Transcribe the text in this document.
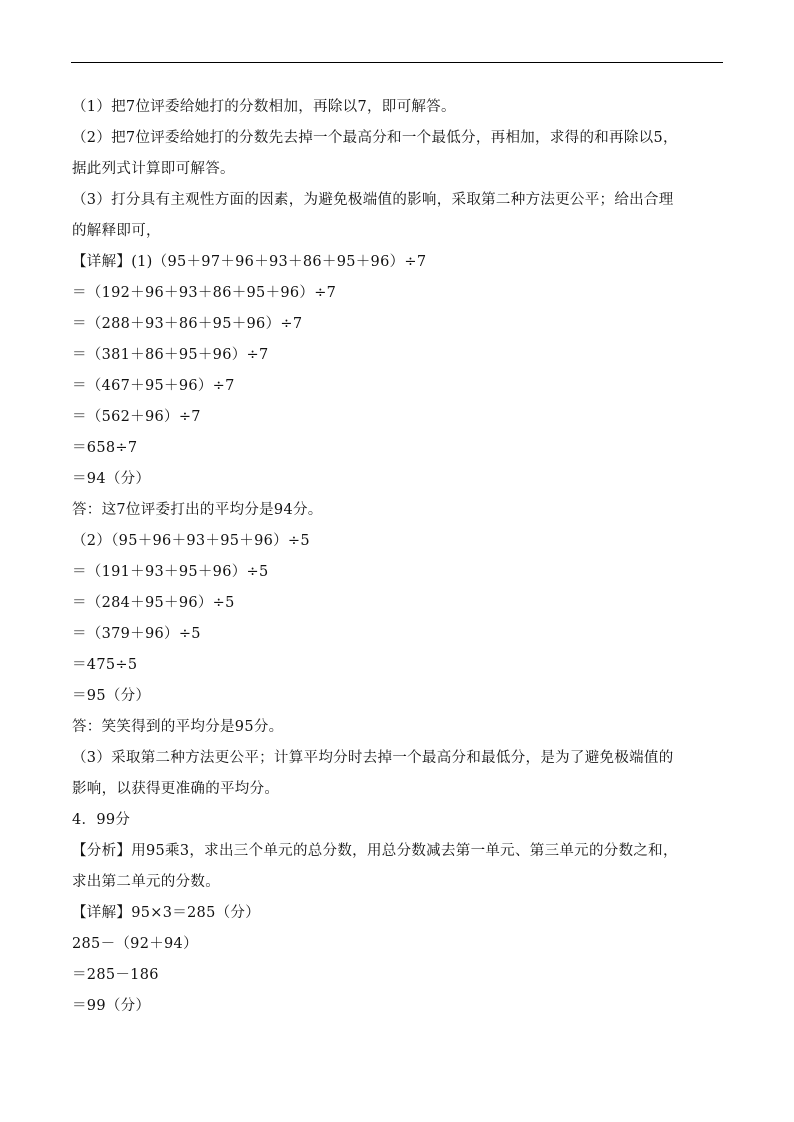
（1）把7位评委给她打的分数相加，再除以7，即可解答。
（2）把7位评委给她打的分数先去掉一个最高分和一个最低分，再相加，求得的和再除以5，
据此列式计算即可解答。
（3）打分具有主观性方面的因素，为避免极端值的影响，采取第二种方法更公平；给出合理
的解释即可，
【详解】(1)（95＋97＋96＋93＋86＋95＋96）÷7
＝（192＋96＋93＋86＋95＋96）÷7
＝（288＋93＋86＋95＋96）÷7
＝（381＋86＋95＋96）÷7
＝（467＋95＋96）÷7
＝（562＋96）÷7
＝658÷7
＝94（分）
答：这7位评委打出的平均分是94分。
（2）（95＋96＋93＋95＋96）÷5
＝（191＋93＋95＋96）÷5
＝（284＋95＋96）÷5
＝（379＋96）÷5
＝475÷5
＝95（分）
答：笑笑得到的平均分是95分。
（3）采取第二种方法更公平；计算平均分时去掉一个最高分和最低分，是为了避免极端值的
影响，以获得更准确的平均分。
4．99分
【分析】用95乘3，求出三个单元的总分数，用总分数减去第一单元、第三单元的分数之和，
求出第二单元的分数。
【详解】95×3＝285（分）
285－（92＋94）
＝285－186
＝99（分）
